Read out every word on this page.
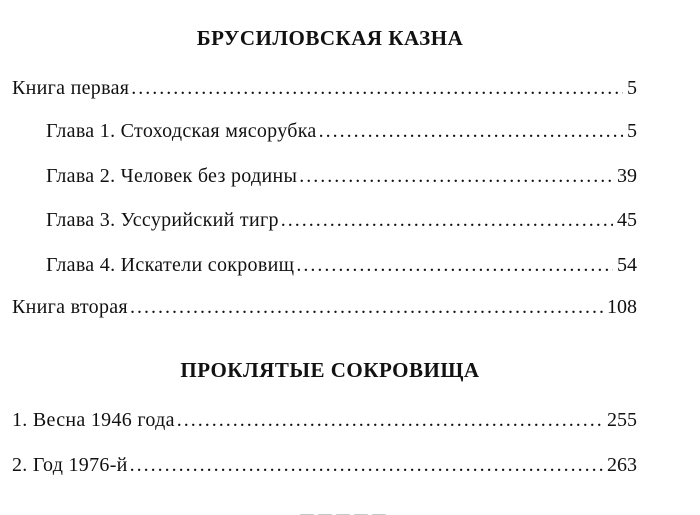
БРУСИЛОВСКАЯ КАЗНА
Книга первая .....	5
Глава 1. Стоходская мясорубка .....	5
Глава 2. Человек без родины .....	39
Глава 3. Уссурийский тигр .....	45
Глава 4. Искатели сокровищ .....	54
Книга вторая .....	108
ПРОКЛЯТЫЕ СОКРОВИЩА
1. Весна 1946 года .....	255
2. Год 1976-й .....	263
